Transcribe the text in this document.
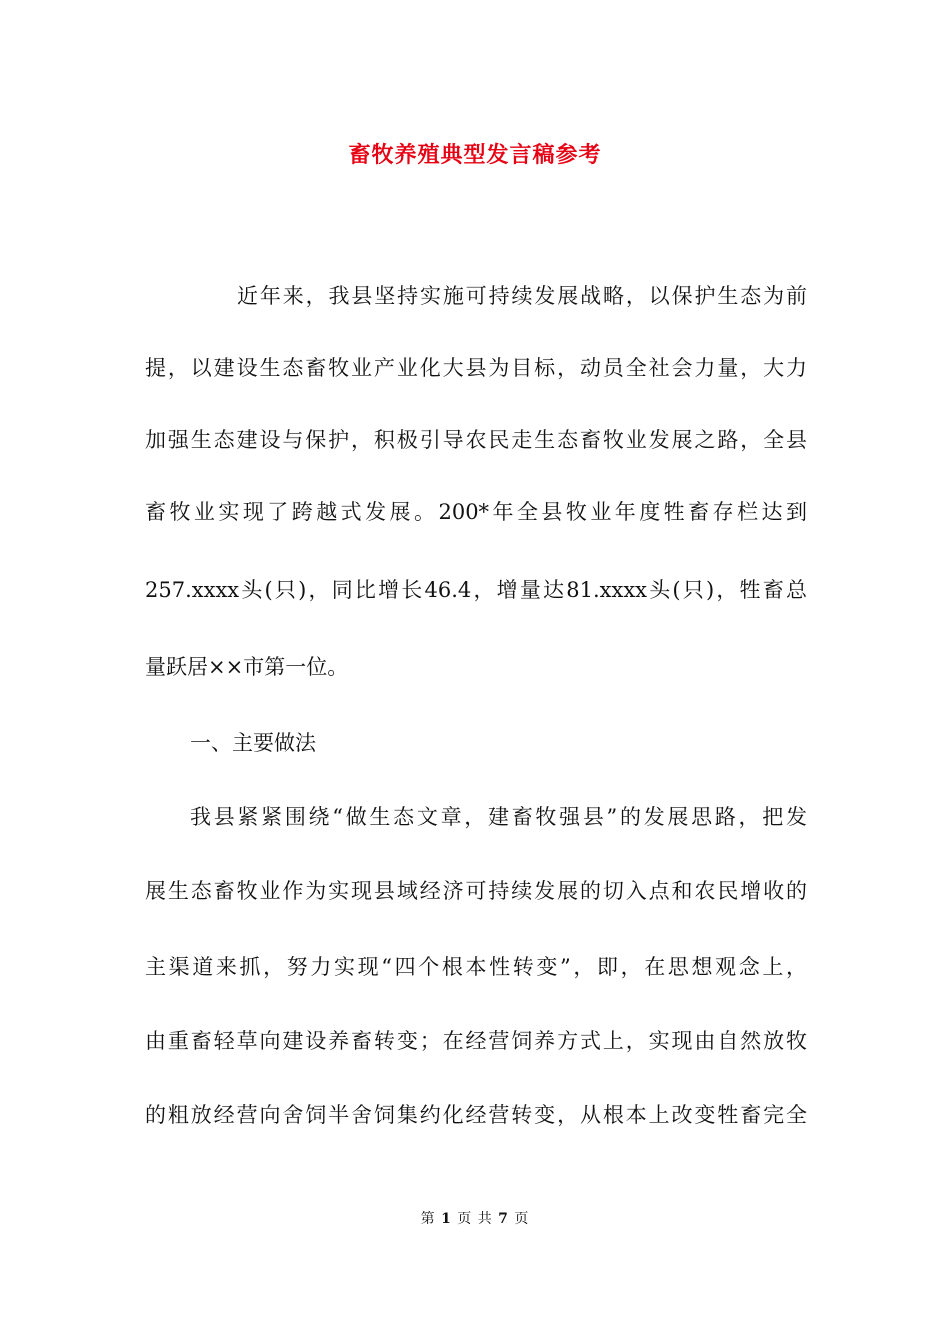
畜牧养殖典型发言稿参考
近年来，我县坚持实施可持续发展战略，以保护生态为前
提，以建设生态畜牧业产业化大县为目标，动员全社会力量，大力
加强生态建设与保护，积极引导农民走生态畜牧业发展之路，全县
畜牧业实现了跨越式发展。200*年全县牧业年度牲畜存栏达到
257.xxxx头(只)，同比增长46.4，增量达81.xxxx头(只)，牲畜总
量跃居××市第一位。
一、主要做法
我县紧紧围绕“做生态文章，建畜牧强县”的发展思路，把发
展生态畜牧业作为实现县域经济可持续发展的切入点和农民增收的
主渠道来抓，努力实现“四个根本性转变”，即，在思想观念上，
由重畜轻草向建设养畜转变；在经营饲养方式上，实现由自然放牧
的粗放经营向舍饲半舍饲集约化经营转变，从根本上改变牲畜完全
第 1 页 共 7 页
